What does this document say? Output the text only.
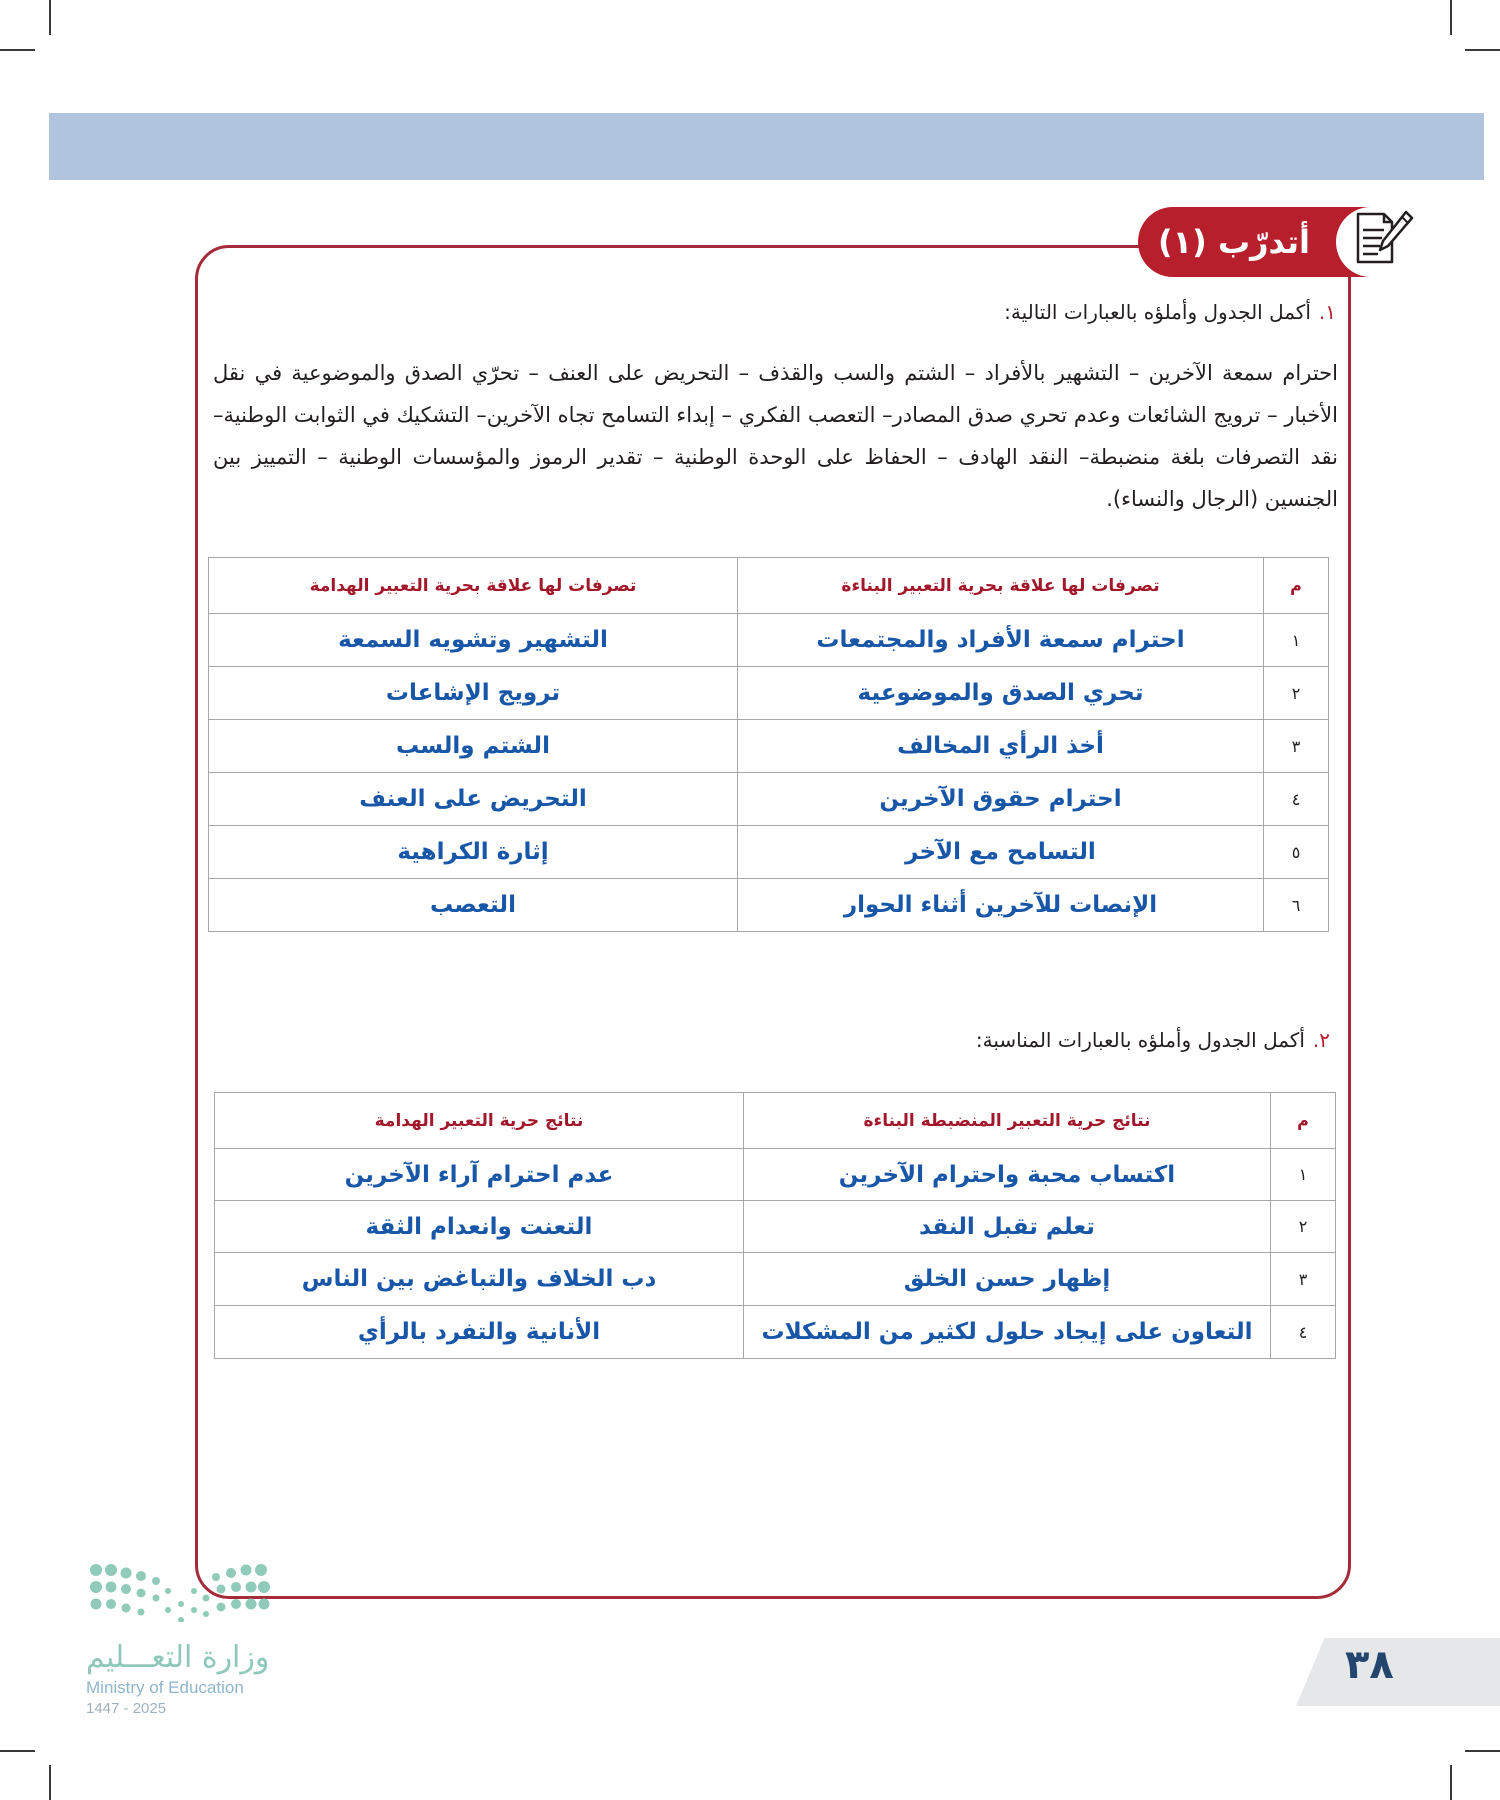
أتدرّب (١)
١.أكمل الجدول وأملؤه بالعبارات التالية:
احترام سمعة الآخرين – التشهير بالأفراد – الشتم والسب والقذف – التحريض على العنف – تحرّي الصدق والموضوعية في نقل الأخبار – ترويج الشائعات وعدم تحري صدق المصادر– التعصب الفكري – إبداء التسامح تجاه الآخرين– التشكيك في الثوابت الوطنية– نقد التصرفات بلغة منضبطة– النقد الهادف – الحفاظ على الوحدة الوطنية – تقدير الرموز والمؤسسات الوطنية – التمييز بين الجنسين (الرجال والنساء).
م	تصرفات لها علاقة بحرية التعبير البناءة	تصرفات لها علاقة بحرية التعبير الهدامة
١	احترام سمعة الأفراد والمجتمعات	التشهير وتشويه السمعة
٢	تحري الصدق والموضوعية	ترويج الإشاعات
٣	أخذ الرأي المخالف	الشتم والسب
٤	احترام حقوق الآخرين	التحريض على العنف
٥	التسامح مع الآخر	إثارة الكراهية
٦	الإنصات للآخرين أثناء الحوار	التعصب
٢.أكمل الجدول وأملؤه بالعبارات المناسبة:
م	نتائج حرية التعبير المنضبطة البناءة	نتائج حرية التعبير الهدامة
١	اكتساب محبة واحترام الآخرين	عدم احترام آراء الآخرين
٢	تعلم تقبل النقد	التعنت وانعدام الثقة
٣	إظهار حسن الخلق	دب الخلاف والتباغض بين الناس
٤	التعاون على إيجاد حلول لكثير من المشكلات	الأنانية والتفرد بالرأي
وزارة التعـــليم
Ministry of Education
2025 - 1447
٣٨
